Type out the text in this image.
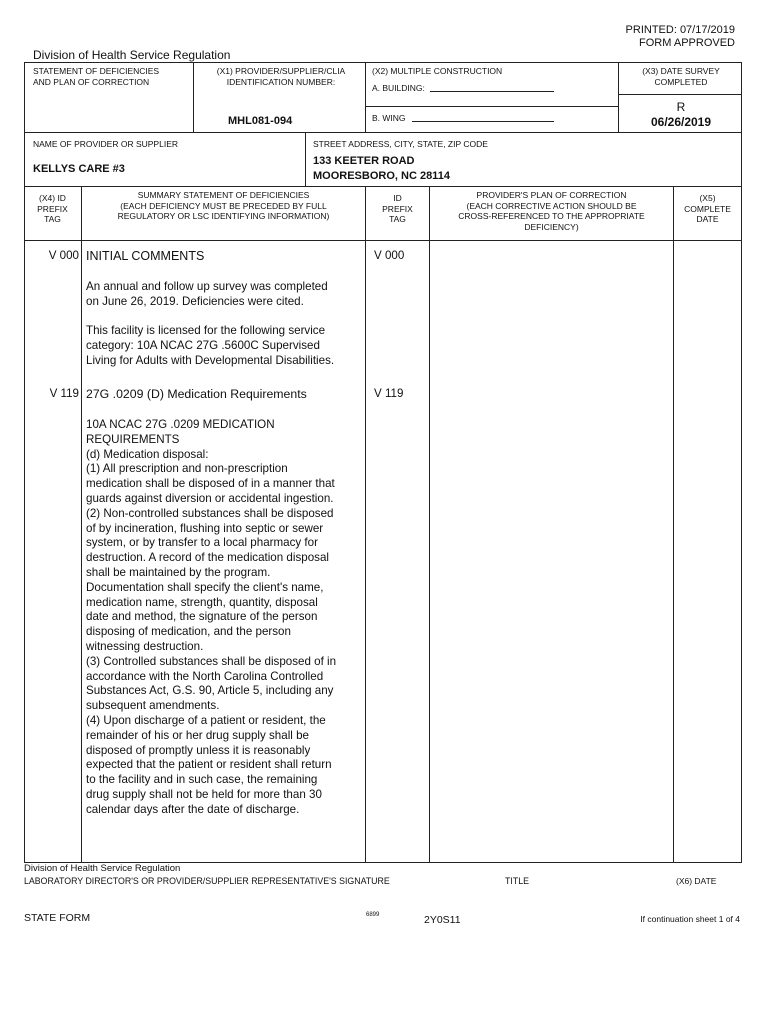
PRINTED: 07/17/2019
FORM APPROVED
Division of Health Service Regulation
STATEMENT OF DEFICIENCIES
AND PLAN OF CORRECTION
(X1) PROVIDER/SUPPLIER/CLIA
IDENTIFICATION NUMBER:
MHL081-094
(X2) MULTIPLE CONSTRUCTION
A. BUILDING:
B. WING
(X3) DATE SURVEY
COMPLETED
R
06/26/2019
NAME OF PROVIDER OR SUPPLIER
KELLYS CARE #3
STREET ADDRESS, CITY, STATE, ZIP CODE
133 KEETER ROAD
MOORESBORO, NC 28114
(X4) ID
PREFIX
TAG
SUMMARY STATEMENT OF DEFICIENCIES
(EACH DEFICIENCY MUST BE PRECEDED BY FULL
REGULATORY OR LSC IDENTIFYING INFORMATION)
ID
PREFIX
TAG
PROVIDER'S PLAN OF CORRECTION
(EACH CORRECTIVE ACTION SHOULD BE
CROSS-REFERENCED TO THE APPROPRIATE
DEFICIENCY)
(X5)
COMPLETE
DATE
V 000 INITIAL COMMENTS	V 000
An annual and follow up survey was completed
on June 26, 2019. Deficiencies were cited.
This facility is licensed for the following service
category: 10A NCAC 27G .5600C Supervised
Living for Adults with Developmental Disabilities.
V 119 27G .0209 (D) Medication Requirements	V 119
10A NCAC 27G .0209 MEDICATION
REQUIREMENTS
(d) Medication disposal:
(1) All prescription and non-prescription
medication shall be disposed of in a manner that
guards against diversion or accidental ingestion.
(2) Non-controlled substances shall be disposed
of by incineration, flushing into septic or sewer
system, or by transfer to a local pharmacy for
destruction. A record of the medication disposal
shall be maintained by the program.
Documentation shall specify the client's name,
medication name, strength, quantity, disposal
date and method, the signature of the person
disposing of medication, and the person
witnessing destruction.
(3) Controlled substances shall be disposed of in
accordance with the North Carolina Controlled
Substances Act, G.S. 90, Article 5, including any
subsequent amendments.
(4) Upon discharge of a patient or resident, the
remainder of his or her drug supply shall be
disposed of promptly unless it is reasonably
expected that the patient or resident shall return
to the facility and in such case, the remaining
drug supply shall not be held for more than 30
calendar days after the date of discharge.
Division of Health Service Regulation
LABORATORY DIRECTOR'S OR PROVIDER/SUPPLIER REPRESENTATIVE'S SIGNATURE	TITLE	(X6) DATE
STATE FORM	6899	2Y0S11	If continuation sheet 1 of 4
